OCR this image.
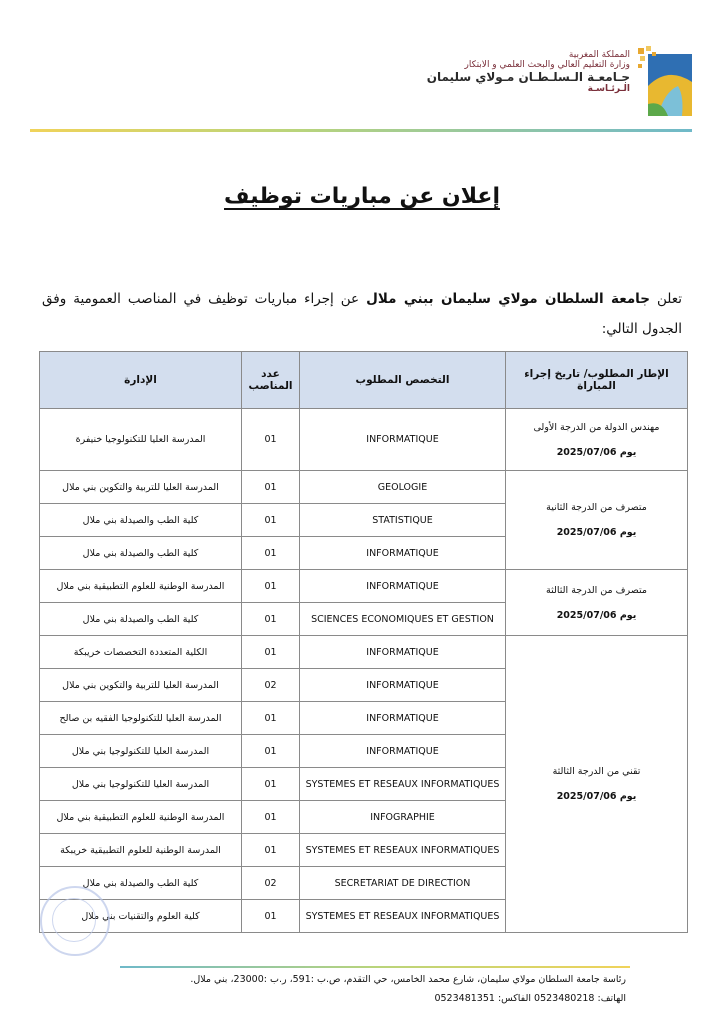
المملكة المغربية
وزارة التعليم العالي والبحث العلمي و الابتكار
جـامعـة الـسلـطـان مـولاي سليمان
الـرئـاسـة
إعلان عن مباريات توظيف
تعلن جامعة السلطان مولاي سليمان ببني ملال عن إجراء مباريات توظيف في المناصب العمومية وفق الجدول التالي:
الإطار المطلوب/ تاريخ إجراء المباراة	التخصص المطلوب	عدد المناصب	الإدارة

مهندس الدولة من الدرجة الأولى
يوم 2025/07/06	INFORMATIQUE	01	المدرسة العليا للتكنولوجيا خنيفرة

متصرف من الدرجة الثانية
يوم 2025/07/06	GEOLOGIE	01	المدرسة العليا للتربية والتكوين بني ملال
	STATISTIQUE	01	كلية الطب والصيدلة بني ملال
	INFORMATIQUE	01	كلية الطب والصيدلة بني ملال

متصرف من الدرجة الثالثة
يوم 2025/07/06	INFORMATIQUE	01	المدرسة الوطنية للعلوم التطبيقية بني ملال
	SCIENCES ECONOMIQUES ET GESTION	01	كلية الطب والصيدلة بني ملال

تقني من الدرجة الثالثة
يوم 2025/07/06	INFORMATIQUE	01	الكلية المتعددة التخصصات خريبكة
	INFORMATIQUE	02	المدرسة العليا للتربية والتكوين بني ملال
	INFORMATIQUE	01	المدرسة العليا للتكنولوجيا الفقيه بن صالح
	INFORMATIQUE	01	المدرسة العليا للتكنولوجيا بني ملال
	SYSTEMES ET RESEAUX INFORMATIQUES	01	المدرسة العليا للتكنولوجيا بني ملال
	INFOGRAPHIE	01	المدرسة الوطنية للعلوم التطبيقية بني ملال
	SYSTEMES ET RESEAUX INFORMATIQUES	01	المدرسة الوطنية للعلوم التطبيقية خريبكة
	SECRETARIAT DE DIRECTION	02	كلية الطب والصيدلة بني ملال
	SYSTEMES ET RESEAUX INFORMATIQUES	01	كلية العلوم والتقنيات بني ملال
رئاسة جامعة السلطان مولاي سليمان، شارع محمد الخامس، حي التقدم، ص.ب :591، ر.ب :23000، بني ملال.
الهاتف: 0523480218 الفاكس: 0523481351
